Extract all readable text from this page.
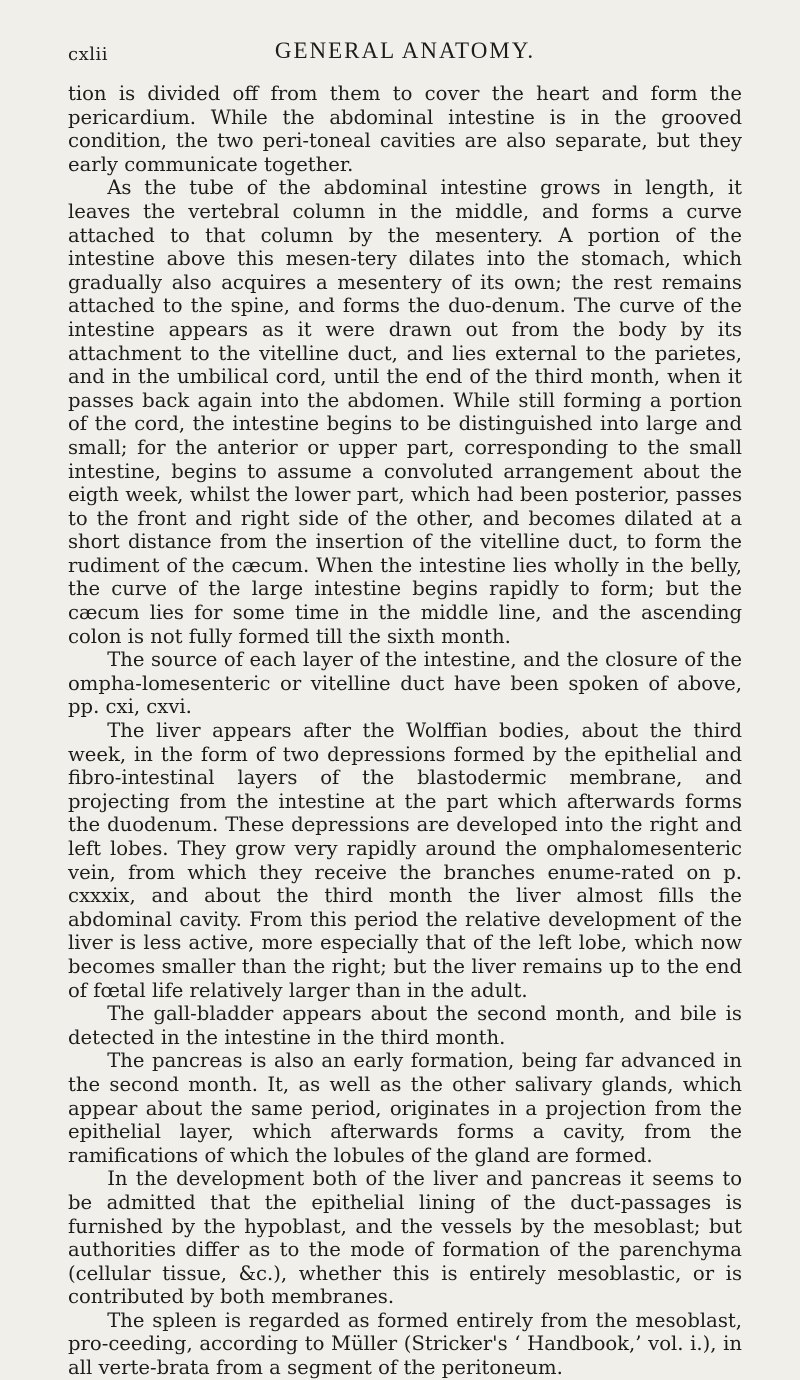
cxlii	GENERAL ANATOMY.

tion is divided off from them to cover the heart and form the pericardium. While the abdominal intestine is in the grooved condition, the two peri-toneal cavities are also separate, but they early communicate together.

As the tube of the abdominal intestine grows in length, it leaves the vertebral column in the middle, and forms a curve attached to that column by the mesentery. A portion of the intestine above this mesen-tery dilates into the stomach, which gradually also acquires a mesentery of its own; the rest remains attached to the spine, and forms the duo-denum. The curve of the intestine appears as it were drawn out from the body by its attachment to the vitelline duct, and lies external to the parietes, and in the umbilical cord, until the end of the third month, when it passes back again into the abdomen. While still forming a portion of the cord, the intestine begins to be distinguished into large and small; for the anterior or upper part, corresponding to the small intestine, begins to assume a convoluted arrangement about the eigth week, whilst the lower part, which had been posterior, passes to the front and right side of the other, and becomes dilated at a short distance from the insertion of the vitelline duct, to form the rudiment of the cæcum. When the intestine lies wholly in the belly, the curve of the large intestine begins rapidly to form; but the cæcum lies for some time in the middle line, and the ascending colon is not fully formed till the sixth month.

The source of each layer of the intestine, and the closure of the ompha-lomesenteric or vitelline duct have been spoken of above, pp. cxi, cxvi.

The liver appears after the Wolffian bodies, about the third week, in the form of two depressions formed by the epithelial and fibro-intestinal layers of the blastodermic membrane, and projecting from the intestine at the part which afterwards forms the duodenum. These depressions are developed into the right and left lobes. They grow very rapidly around the omphalomesenteric vein, from which they receive the branches enume-rated on p. cxxxix, and about the third month the liver almost fills the abdominal cavity. From this period the relative development of the liver is less active, more especially that of the left lobe, which now becomes smaller than the right; but the liver remains up to the end of fœtal life relatively larger than in the adult.

The gall-bladder appears about the second month, and bile is detected in the intestine in the third month.

The pancreas is also an early formation, being far advanced in the second month. It, as well as the other salivary glands, which appear about the same period, originates in a projection from the epithelial layer, which afterwards forms a cavity, from the ramifications of which the lobules of the gland are formed.

In the development both of the liver and pancreas it seems to be admitted that the epithelial lining of the duct-passages is furnished by the hypoblast, and the vessels by the mesoblast; but authorities differ as to the mode of formation of the parenchyma (cellular tissue, &c.), whether this is entirely mesoblastic, or is contributed by both membranes.

The spleen is regarded as formed entirely from the mesoblast, pro-ceeding, according to Müller (Stricker's ‘ Handbook,’ vol. i.), in all verte-brata from a segment of the peritoneum.
